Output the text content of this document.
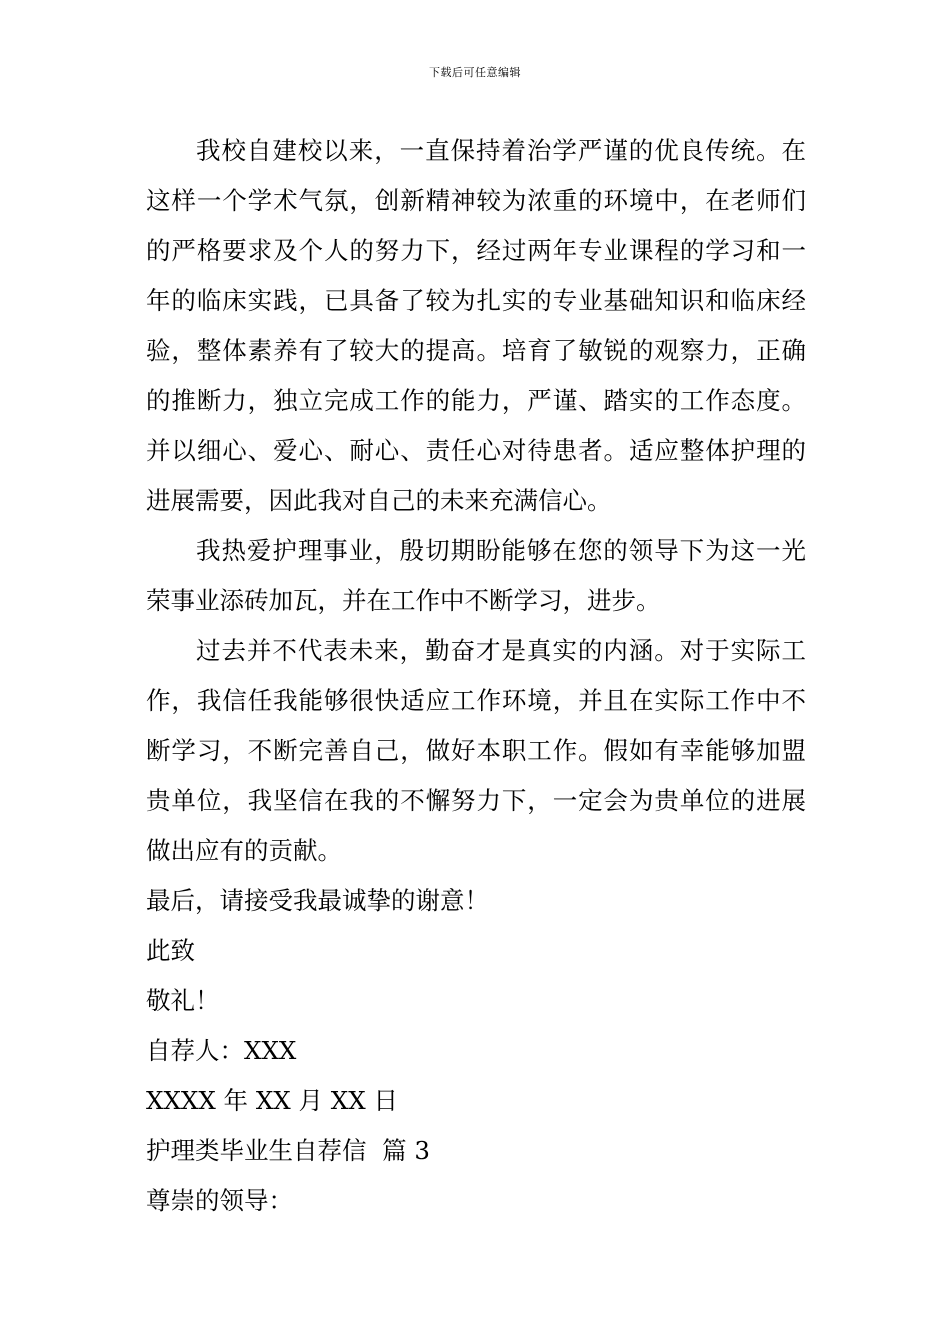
下载后可任意编辑

我校自建校以来，一直保持着治学严谨的优良传统。在这样一个学术气氛，创新精神较为浓重的环境中，在老师们的严格要求及个人的努力下，经过两年专业课程的学习和一年的临床实践，已具备了较为扎实的专业基础知识和临床经验，整体素养有了较大的提高。培育了敏锐的观察力，正确的推断力，独立完成工作的能力，严谨、踏实的工作态度。并以细心、爱心、耐心、责任心对待患者。适应整体护理的进展需要，因此我对自己的未来充满信心。

我热爱护理事业，殷切期盼能够在您的领导下为这一光荣事业添砖加瓦，并在工作中不断学习，进步。

过去并不代表未来，勤奋才是真实的内涵。对于实际工作，我信任我能够很快适应工作环境，并且在实际工作中不断学习，不断完善自己，做好本职工作。假如有幸能够加盟贵单位，我坚信在我的不懈努力下，一定会为贵单位的进展做出应有的贡献。

最后，请接受我最诚挚的谢意！

此致

敬礼！

自荐人：XXX

XXXX 年 XX 月 XX 日

护理类毕业生自荐信  篇 3

尊崇的领导：
